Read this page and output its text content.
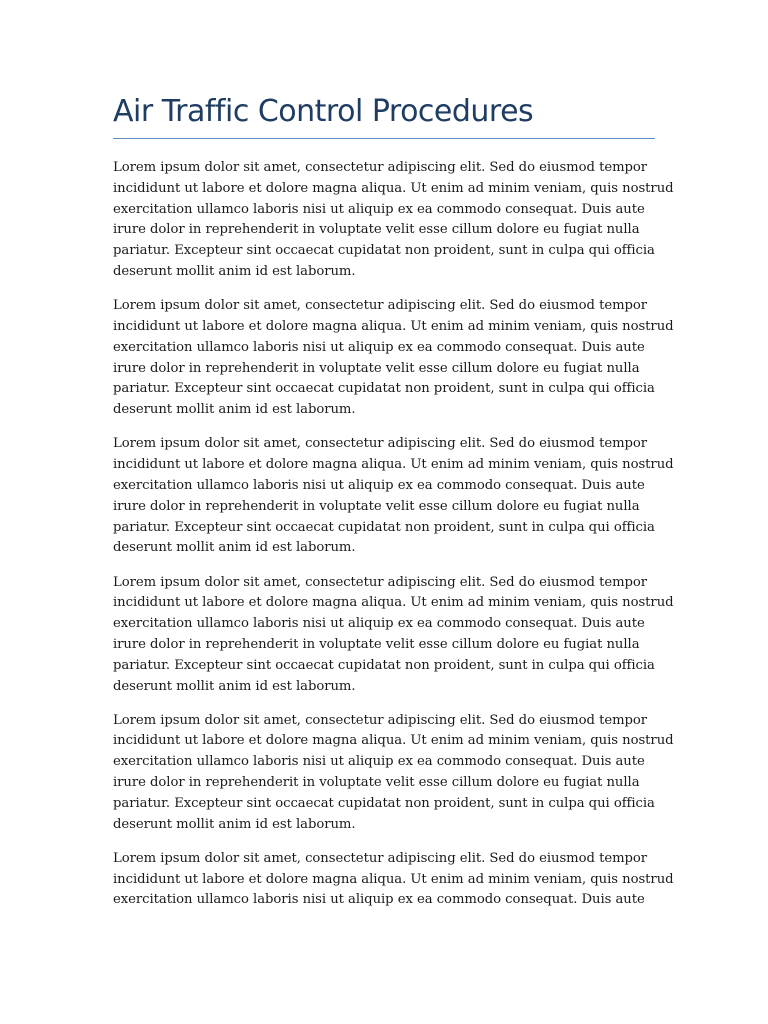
Air Traffic Control Procedures

Lorem ipsum dolor sit amet, consectetur adipiscing elit. Sed do eiusmod tempor
incididunt ut labore et dolore magna aliqua. Ut enim ad minim veniam, quis nostrud
exercitation ullamco laboris nisi ut aliquip ex ea commodo consequat. Duis aute
irure dolor in reprehenderit in voluptate velit esse cillum dolore eu fugiat nulla
pariatur. Excepteur sint occaecat cupidatat non proident, sunt in culpa qui officia
deserunt mollit anim id est laborum.

Lorem ipsum dolor sit amet, consectetur adipiscing elit. Sed do eiusmod tempor
incididunt ut labore et dolore magna aliqua. Ut enim ad minim veniam, quis nostrud
exercitation ullamco laboris nisi ut aliquip ex ea commodo consequat. Duis aute
irure dolor in reprehenderit in voluptate velit esse cillum dolore eu fugiat nulla
pariatur. Excepteur sint occaecat cupidatat non proident, sunt in culpa qui officia
deserunt mollit anim id est laborum.

Lorem ipsum dolor sit amet, consectetur adipiscing elit. Sed do eiusmod tempor
incididunt ut labore et dolore magna aliqua. Ut enim ad minim veniam, quis nostrud
exercitation ullamco laboris nisi ut aliquip ex ea commodo consequat. Duis aute
irure dolor in reprehenderit in voluptate velit esse cillum dolore eu fugiat nulla
pariatur. Excepteur sint occaecat cupidatat non proident, sunt in culpa qui officia
deserunt mollit anim id est laborum.

Lorem ipsum dolor sit amet, consectetur adipiscing elit. Sed do eiusmod tempor
incididunt ut labore et dolore magna aliqua. Ut enim ad minim veniam, quis nostrud
exercitation ullamco laboris nisi ut aliquip ex ea commodo consequat. Duis aute
irure dolor in reprehenderit in voluptate velit esse cillum dolore eu fugiat nulla
pariatur. Excepteur sint occaecat cupidatat non proident, sunt in culpa qui officia
deserunt mollit anim id est laborum.

Lorem ipsum dolor sit amet, consectetur adipiscing elit. Sed do eiusmod tempor
incididunt ut labore et dolore magna aliqua. Ut enim ad minim veniam, quis nostrud
exercitation ullamco laboris nisi ut aliquip ex ea commodo consequat. Duis aute
irure dolor in reprehenderit in voluptate velit esse cillum dolore eu fugiat nulla
pariatur. Excepteur sint occaecat cupidatat non proident, sunt in culpa qui officia
deserunt mollit anim id est laborum.

Lorem ipsum dolor sit amet, consectetur adipiscing elit. Sed do eiusmod tempor
incididunt ut labore et dolore magna aliqua. Ut enim ad minim veniam, quis nostrud
exercitation ullamco laboris nisi ut aliquip ex ea commodo consequat. Duis aute
